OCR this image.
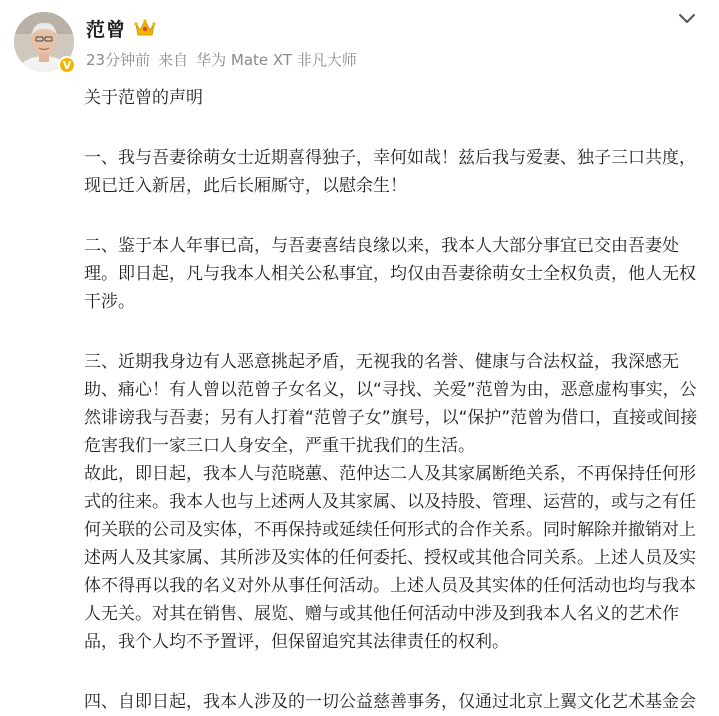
V
范曾
23分钟前 来自 华为 Mate XT 非凡大师

关于范曾的声明

一、我与吾妻徐萌女士近期喜得独子，幸何如哉！兹后我与爱妻、独子三口共度，现已迁入新居，此后长厢厮守，以慰余生！

二、鉴于本人年事已高，与吾妻喜结良缘以来，我本人大部分事宜已交由吾妻处理。即日起，凡与我本人相关公私事宜，均仅由吾妻徐萌女士全权负责，他人无权干涉。

三、近期我身边有人恶意挑起矛盾，无视我的名誉、健康与合法权益，我深感无助、痛心！有人曾以范曾子女名义，以“寻找、关爱”范曾为由，恶意虚构事实，公然诽谤我与吾妻；另有人打着“范曾子女”旗号，以“保护”范曾为借口，直接或间接危害我们一家三口人身安全，严重干扰我们的生活。

故此，即日起，我本人与范晓蕙、范仲达二人及其家属断绝关系，不再保持任何形式的往来。我本人也与上述两人及其家属、以及持股、管理、运营的，或与之有任何关联的公司及实体，不再保持或延续任何形式的合作关系。同时解除并撤销对上述两人及其家属、其所涉及实体的任何委托、授权或其他合同关系。上述人员及实体不得再以我的名义对外从事任何活动。上述人员及其实体的任何活动也均与我本人无关。对其在销售、展览、赠与或其他任何活动中涉及到我本人名义的艺术作品，我个人均不予置评，但保留追究其法律责任的权利。

四、自即日起，我本人涉及的一切公益慈善事务，仅通过北京上翼文化艺术基金会
